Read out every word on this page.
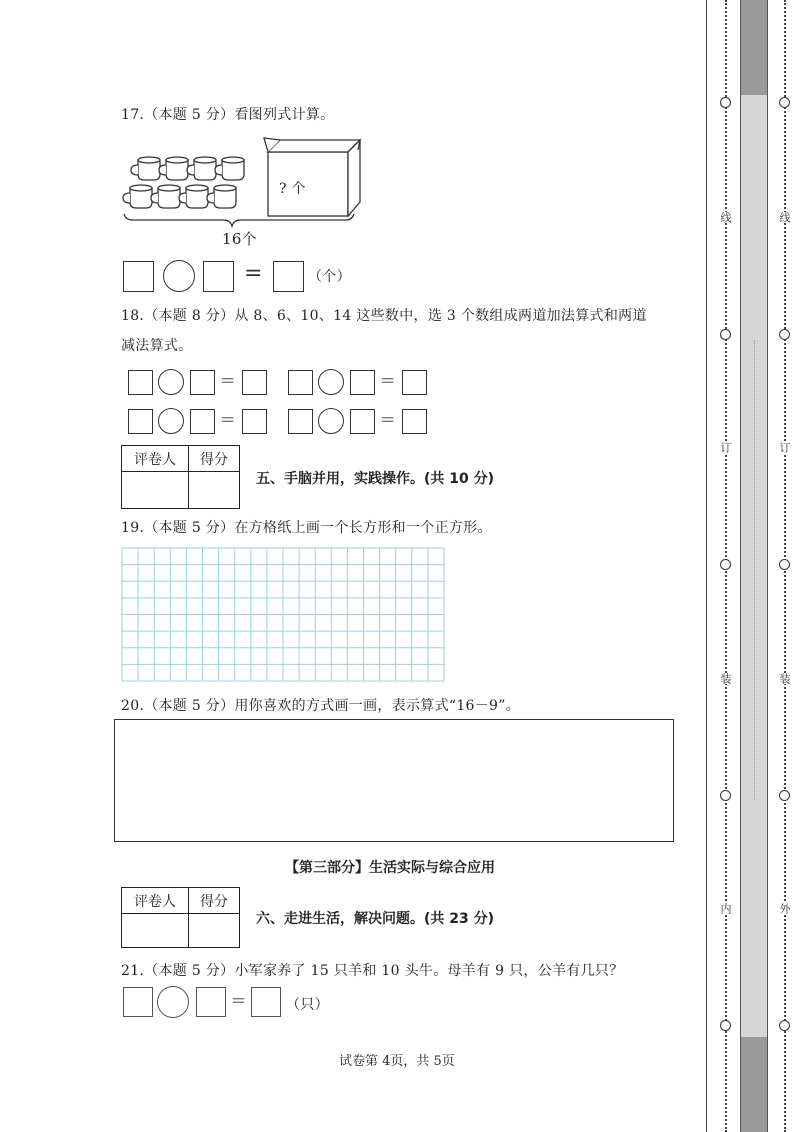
17.（本题 5 分）看图列式计算。
? 个
16个
=	（个）
18.（本题 8 分）从 8、6、10、14 这些数中，选 3 个数组成两道加法算式和两道
减法算式。
=	=
=	=
评卷人	得分

五、手脑并用，实践操作。(共 10 分)
19.（本题 5 分）在方格纸上画一个长方形和一个正方形。
20.（本题 5 分）用你喜欢的方式画一画，表示算式“16－9”。
【第三部分】生活实际与综合应用
评卷人	得分

六、走进生活，解决问题。(共 23 分)
21.（本题 5 分）小军家养了 15 只羊和 10 头牛。母羊有 9 只，公羊有几只？
=	（只）
试卷第 4页，共 5页
线
订
装
内
线
订
装
外
